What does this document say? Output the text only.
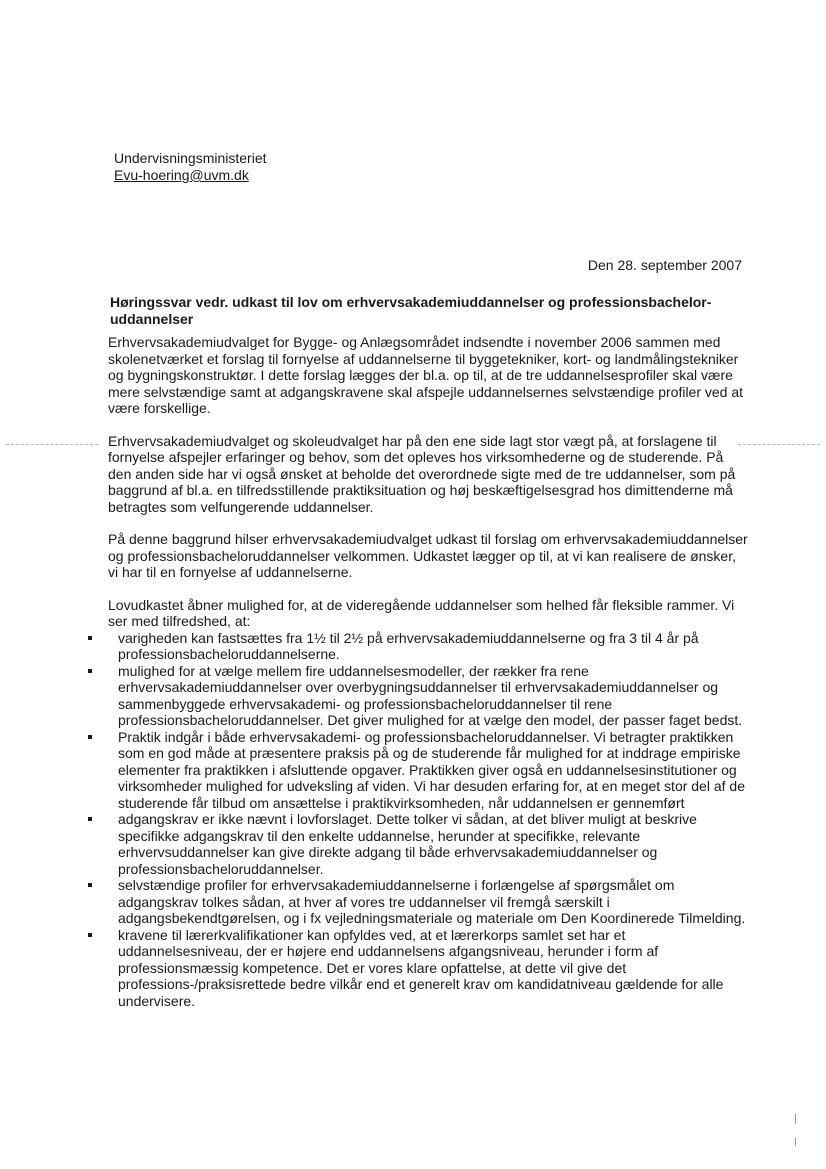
Undervisningsministeriet
Evu-hoering@uvm.dk
Den 28. september 2007
Høringssvar vedr. udkast til lov om erhvervsakademiuddannelser og professionsbachelor-uddannelser

Erhvervsakademiudvalget for Bygge- og Anlægsområdet indsendte i november 2006 sammen med skolenetværket et forslag til fornyelse af uddannelserne til byggetekniker, kort- og landmålingstekniker og bygningskonstruktør. I dette forslag lægges der bl.a. op til, at de tre uddannelsesprofiler skal være mere selvstændige samt at adgangskravene skal afspejle uddannelsernes selvstændige profiler ved at være forskellige.

Erhvervsakademiudvalget og skoleudvalget har på den ene side lagt stor vægt på, at forslagene til fornyelse afspejler erfaringer og behov, som det opleves hos virksomhederne og de studerende. På den anden side har vi også ønsket at beholde det overordnede sigte med de tre uddannelser, som på baggrund af bl.a. en tilfredsstillende praktiksituation og høj beskæftigelsesgrad hos dimittenderne må betragtes som velfungerende uddannelser.

På denne baggrund hilser erhvervsakademiudvalget udkast til forslag om erhvervsakademiuddannelser og professionsbacheloruddannelser velkommen. Udkastet lægger op til, at vi kan realisere de ønsker, vi har til en fornyelse af uddannelserne.

Lovudkastet åbner mulighed for, at de videregående uddannelser som helhed får fleksible rammer. Vi ser med tilfredshed, at:

varigheden kan fastsættes fra 1½ til 2½ på erhvervsakademiuddannelserne og fra 3 til 4 år på professionsbacheloruddannelserne.
mulighed for at vælge mellem fire uddannelsesmodeller, der rækker fra rene erhvervsakademiuddannelser over overbygningsuddannelser til erhvervsakademiuddannelser og sammenbyggede erhvervsakademi- og professionsbacheloruddannelser til rene professionsbacheloruddannelser. Det giver mulighed for at vælge den model, der passer faget bedst.
Praktik indgår i både erhvervsakademi- og professionsbacheloruddannelser. Vi betragter praktikken som en god måde at præsentere praksis på og de studerende får mulighed for at inddrage empiriske elementer fra praktikken i afsluttende opgaver. Praktikken giver også en uddannelsesinstitutioner og virksomheder mulighed for udveksling af viden. Vi har desuden erfaring for, at en meget stor del af de studerende får tilbud om ansættelse i praktikvirksomheden, når uddannelsen er gennemført
adgangskrav er ikke nævnt i lovforslaget. Dette tolker vi sådan, at det bliver muligt at beskrive specifikke adgangskrav til den enkelte uddannelse, herunder at specifikke, relevante erhvervsuddannelser kan give direkte adgang til både erhvervsakademiuddannelser og professionsbacheloruddannelser.
selvstændige profiler for erhvervsakademiuddannelserne i forlængelse af spørgsmålet om adgangskrav tolkes sådan, at hver af vores tre uddannelser vil fremgå særskilt i adgangsbekendtgørelsen, og i fx vejledningsmateriale og materiale om Den Koordinerede Tilmelding.
kravene til lærerkvalifikationer kan opfyldes ved, at et lærerkorps samlet set har et uddannelsesniveau, der er højere end uddannelsens afgangsniveau, herunder i form af professionsmæssig kompetence. Det er vores klare opfattelse, at dette vil give det professions-/praksisrettede bedre vilkår end et generelt krav om kandidatniveau gældende for alle undervisere.
